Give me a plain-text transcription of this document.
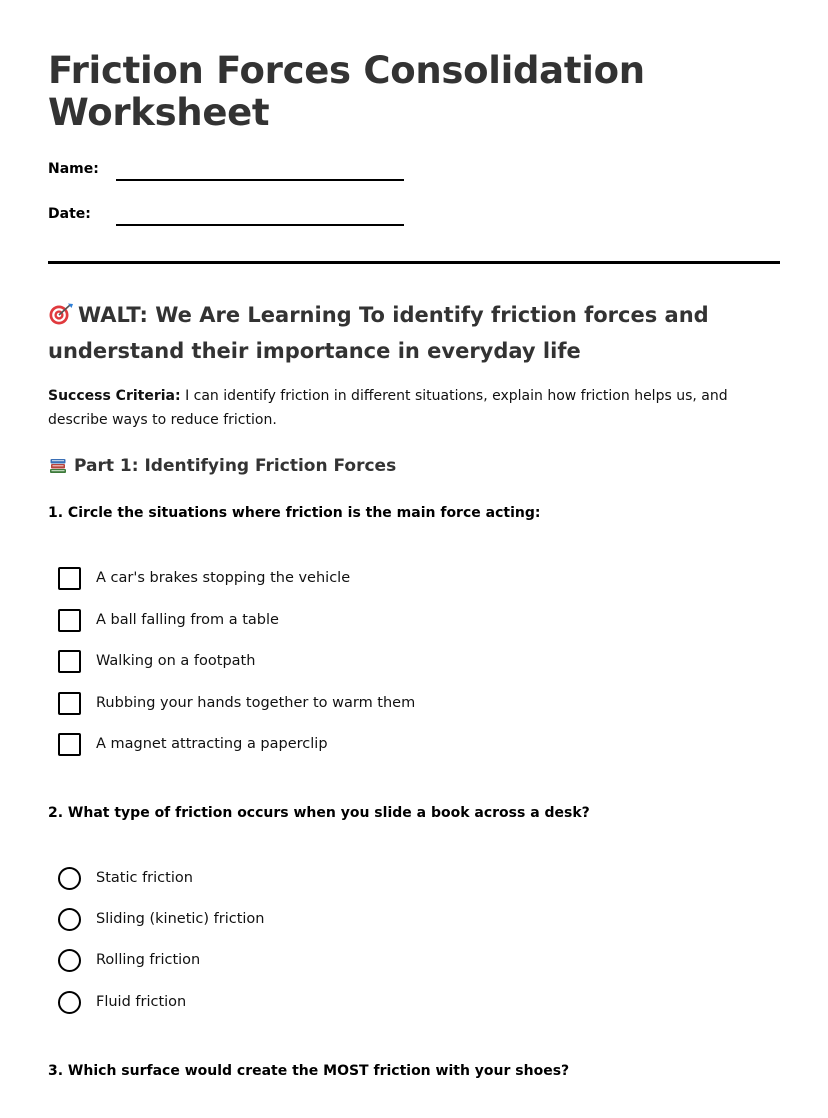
Friction Forces Consolidation Worksheet
Name:
Date:
WALT: We Are Learning To identify friction forces and understand their importance in everyday life
Success Criteria: I can identify friction in different situations, explain how friction helps us, and describe ways to reduce friction.
Part 1: Identifying Friction Forces

1. Circle the situations where friction is the main force acting:

A car's brakes stopping the vehicle
A ball falling from a table
Walking on a footpath
Rubbing your hands together to warm them
A magnet attracting a paperclip

2. What type of friction occurs when you slide a book across a desk?

Static friction
Sliding (kinetic) friction
Rolling friction
Fluid friction

3. Which surface would create the MOST friction with your shoes?
